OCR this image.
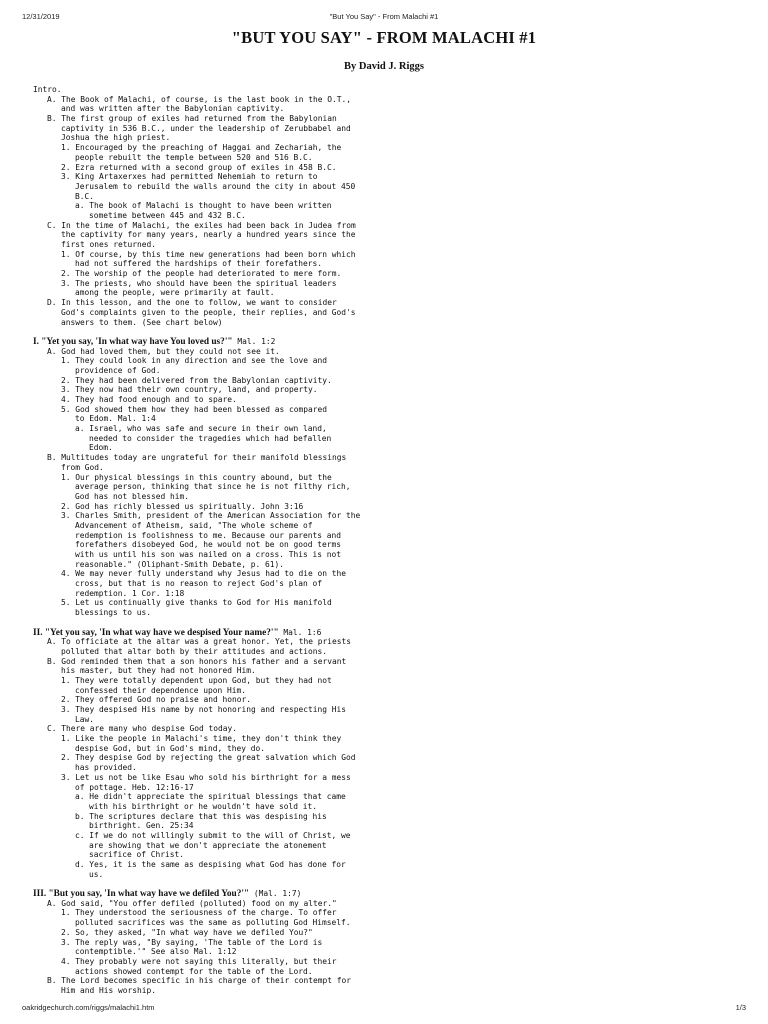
12/31/2019	"But You Say" - From Malachi #1
"BUT YOU SAY" - FROM MALACHI #1
By David J. Riggs
Intro.
A. The Book of Malachi, of course, is the last book in the O.T.,
and was written after the Babylonian captivity.
B. The first group of exiles had returned from the Babylonian
captivity in 536 B.C., under the leadership of Zerubbabel and
Joshua the high priest.
1. Encouraged by the preaching of Haggai and Zechariah, the
people rebuilt the temple between 520 and 516 B.C.
2. Ezra returned with a second group of exiles in 458 B.C.
3. King Artaxerxes had permitted Nehemiah to return to
Jerusalem to rebuild the walls around the city in about 450
B.C.
a. The book of Malachi is thought to have been written
sometime between 445 and 432 B.C.
C. In the time of Malachi, the exiles had been back in Judea from
the captivity for many years, nearly a hundred years since the
first ones returned.
1. Of course, by this time new generations had been born which
had not suffered the hardships of their forefathers.
2. The worship of the people had deteriorated to mere form.
3. The priests, who should have been the spiritual leaders
among the people, were primarily at fault.
D. In this lesson, and the one to follow, we want to consider
God's complaints given to the people, their replies, and God's
answers to them. (See chart below)
I. "Yet you say, 'In what way have You loved us?'" Mal. 1:2
A. God had loved them, but they could not see it.
1. They could look in any direction and see the love and
providence of God.
2. They had been delivered from the Babylonian captivity.
3. They now had their own country, land, and property.
4. They had food enough and to spare.
5. God showed them how they had been blessed as compared
to Edom. Mal. 1:4
a. Israel, who was safe and secure in their own land,
needed to consider the tragedies which had befallen
Edom.
B. Multitudes today are ungrateful for their manifold blessings
from God.
1. Our physical blessings in this country abound, but the
average person, thinking that since he is not filthy rich,
God has not blessed him.
2. God has richly blessed us spiritually. John 3:16
3. Charles Smith, president of the American Association for the
Advancement of Atheism, said, "The whole scheme of
redemption is foolishness to me. Because our parents and
forefathers disobeyed God, he would not be on good terms
with us until his son was nailed on a cross. This is not
reasonable." (Oliphant-Smith Debate, p. 61).
4. We may never fully understand why Jesus had to die on the
cross, but that is no reason to reject God's plan of
redemption. 1 Cor. 1:18
5. Let us continually give thanks to God for His manifold
blessings to us.
II. "Yet you say, 'In what way have we despised Your name?'" Mal. 1:6
A. To officiate at the altar was a great honor. Yet, the priests
polluted that altar both by their attitudes and actions.
B. God reminded them that a son honors his father and a servant
his master, but they had not honored Him.
1. They were totally dependent upon God, but they had not
confessed their dependence upon Him.
2. They offered God no praise and honor.
3. They despised His name by not honoring and respecting His
Law.
C. There are many who despise God today.
1. Like the people in Malachi's time, they don't think they
despise God, but in God's mind, they do.
2. They despise God by rejecting the great salvation which God
has provided.
3. Let us not be like Esau who sold his birthright for a mess
of pottage. Heb. 12:16-17
a. He didn't appreciate the spiritual blessings that came
with his birthright or he wouldn't have sold it.
b. The scriptures declare that this was despising his
birthright. Gen. 25:34
c. If we do not willingly submit to the will of Christ, we
are showing that we don't appreciate the atonement
sacrifice of Christ.
d. Yes, it is the same as despising what God has done for
us.
III. "But you say, 'In what way have we defiled You?'" (Mal. 1:7)
A. God said, "You offer defiled (polluted) food on my alter."
1. They understood the seriousness of the charge. To offer
polluted sacrifices was the same as polluting God Himself.
2. So, they asked, "In what way have we defiled You?"
3. The reply was, "By saying, 'The table of the Lord is
contemptible.'" See also Mal. 1:12
4. They probably were not saying this literally, but their
actions showed contempt for the table of the Lord.
B. The Lord becomes specific in his charge of their contempt for
Him and His worship.
oakridgechurch.com/riggs/malachi1.htm	1/3
